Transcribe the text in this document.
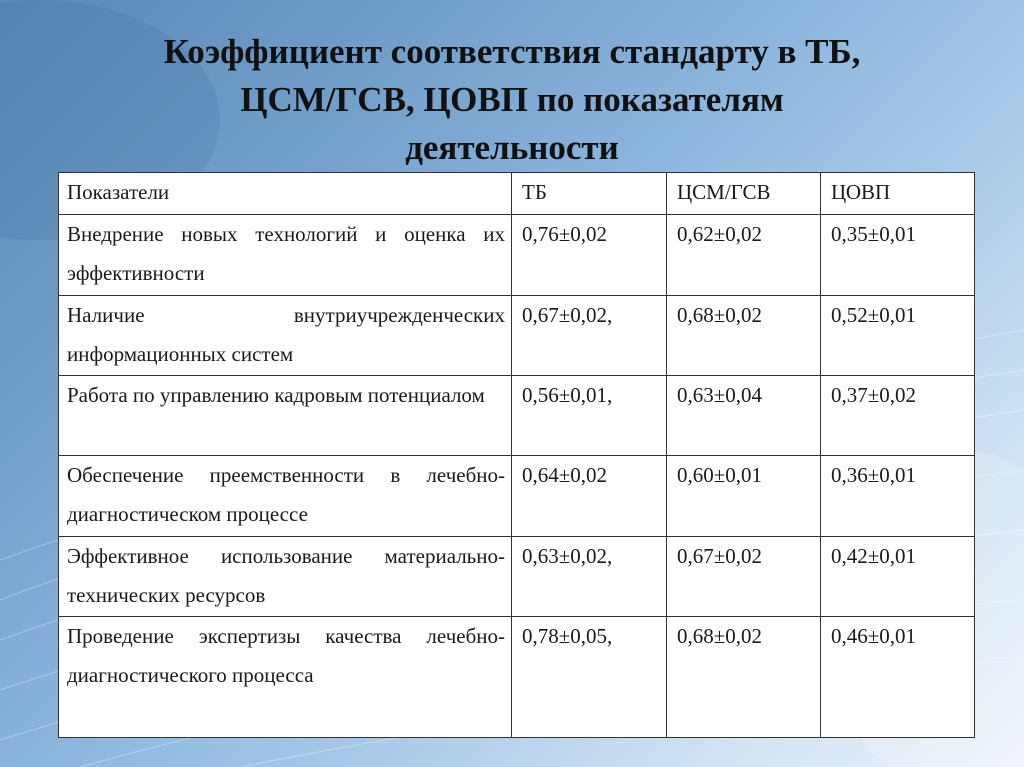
Коэффициент соответствия стандарту в ТБ,
ЦСМ/ГСВ, ЦОВП по показателям
деятельности
Показатели	ТБ	ЦСМ/ГСВ	ЦОВП
Внедрение новых технологий и оценка их эффективности	0,76±0,02	0,62±0,02	0,35±0,01
Наличие внутриучрежденческих информационных систем	0,67±0,02,	0,68±0,02	0,52±0,01
Работа по управлению кадровым потенциалом	0,56±0,01,	0,63±0,04	0,37±0,02
Обеспечение преемственности в лечебно-диагностическом процессе	0,64±0,02	0,60±0,01	0,36±0,01
Эффективное использование материально-технических ресурсов	0,63±0,02,	0,67±0,02	0,42±0,01
Проведение экспертизы качества лечебно-диагностического процесса	0,78±0,05,	0,68±0,02	0,46±0,01
